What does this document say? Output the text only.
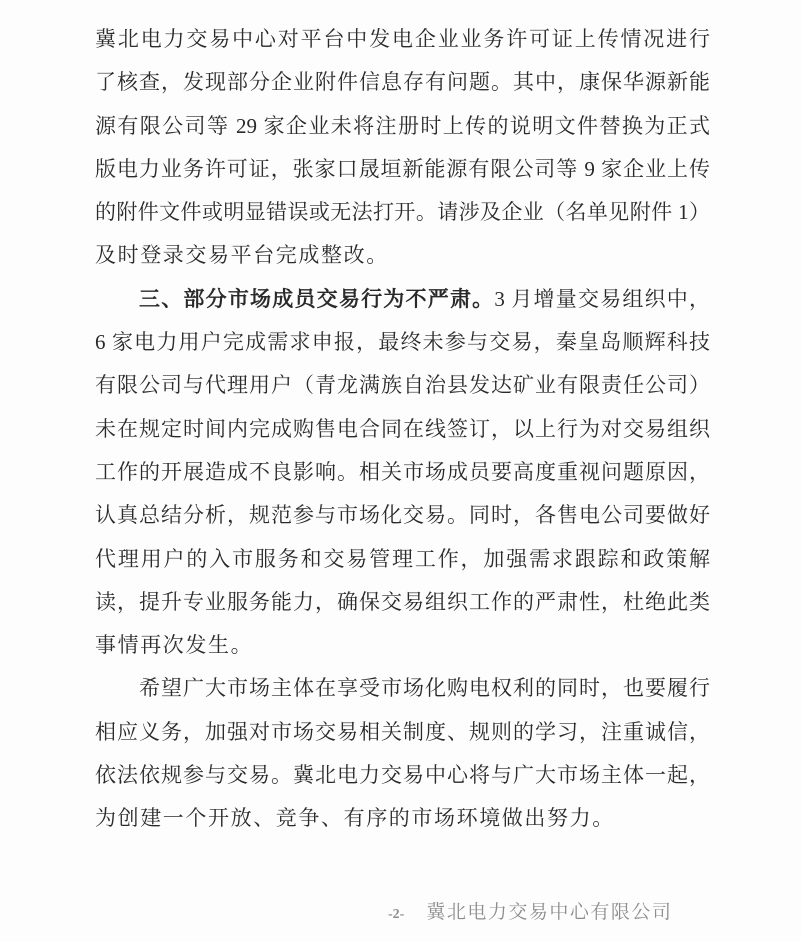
冀北电力交易中心对平台中发电企业业务许可证上传情况进行
了核查，发现部分企业附件信息存有问题。其中，康保华源新能
源有限公司等 29 家企业未将注册时上传的说明文件替换为正式
版电力业务许可证，张家口晟垣新能源有限公司等 9 家企业上传
的附件文件或明显错误或无法打开。请涉及企业（名单见附件 1）
及时登录交易平台完成整改。
三、部分市场成员交易行为不严肃。3 月增量交易组织中，
6 家电力用户完成需求申报，最终未参与交易，秦皇岛顺辉科技
有限公司与代理用户（青龙满族自治县发达矿业有限责任公司）
未在规定时间内完成购售电合同在线签订，以上行为对交易组织
工作的开展造成不良影响。相关市场成员要高度重视问题原因，
认真总结分析，规范参与市场化交易。同时，各售电公司要做好
代理用户的入市服务和交易管理工作，加强需求跟踪和政策解
读，提升专业服务能力，确保交易组织工作的严肃性，杜绝此类
事情再次发生。
希望广大市场主体在享受市场化购电权利的同时，也要履行
相应义务，加强对市场交易相关制度、规则的学习，注重诚信，
依法依规参与交易。冀北电力交易中心将与广大市场主体一起，
为创建一个开放、竞争、有序的市场环境做出努力。
-2- 冀北电力交易中心有限公司
